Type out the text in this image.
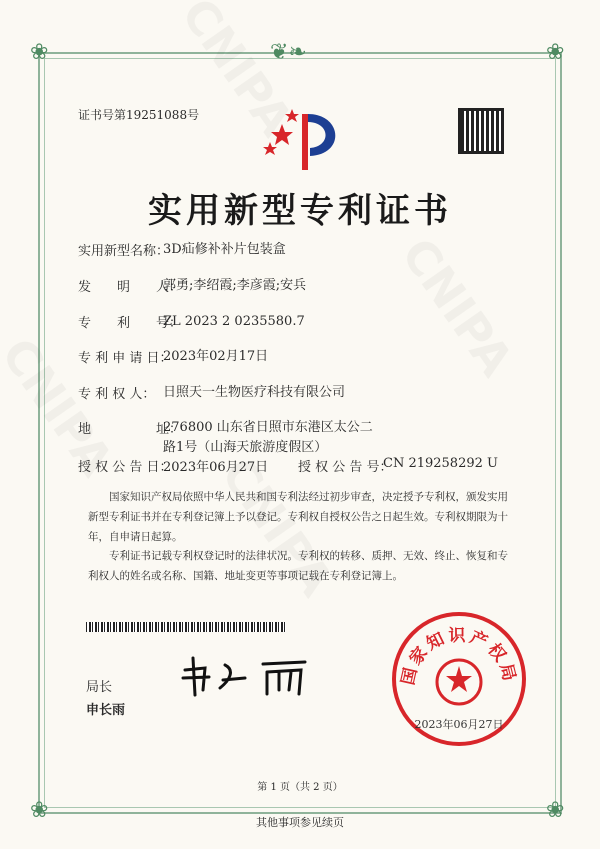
❦❧
❀	❀
❀	❀
证书号第19251088号
实用新型专利证书
实用新型名称：
3D疝修补补片包装盒
发　　明　　人：
郭勇;李绍霞;李彦霞;安兵
专　　利　　号：
ZL 2023 2 0235580.7
专 利 申 请 日：
2023年02月17日
专 利 权 人： 日照天一生物医疗科技有限公司
地　　　　　址：
276800 山东省日照市东港区太公二路1号（山海天旅游度假区）
授 权 公 告 日：
2023年06月27日	授 权 公 告 号：
CN 219258292 U

国家知识产权局依照中华人民共和国专利法经过初步审查，决定授予专利权，颁发实用新型专利证书并在专利登记簿上予以登记。专利权自授权公告之日起生效。专利权期限为十年，自申请日起算。

专利证书记载专利权登记时的法律状况。专利权的转移、质押、无效、终止、恢复和专利权人的姓名或名称、国籍、地址变更等事项记载在专利登记簿上。

局长
申长雨
国家知识产权局
2023年06月27日
第 1 页（共 2 页）
其他事项参见续页
